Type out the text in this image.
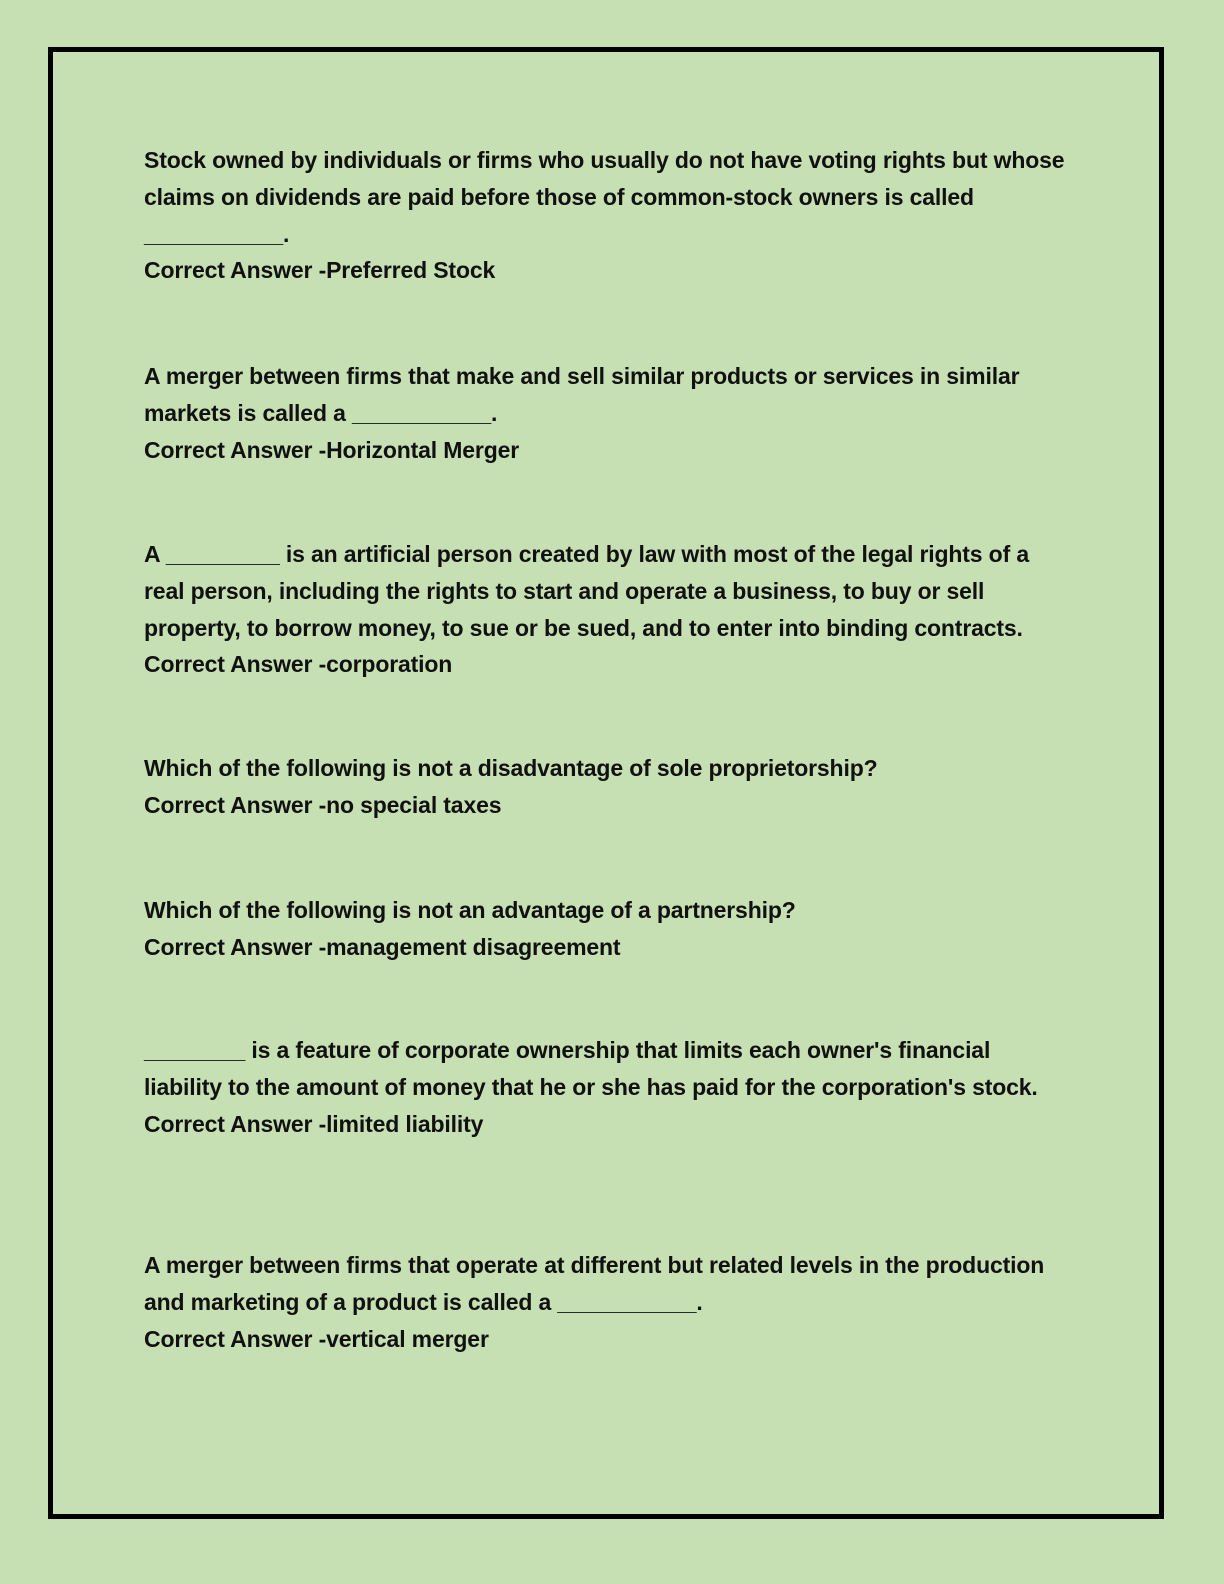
Stock owned by individuals or firms who usually do not have voting rights but whose claims on dividends are paid before those of common-stock owners is called ___________.
Correct Answer -Preferred Stock
A merger between firms that make and sell similar products or services in similar markets is called a ___________.
Correct Answer -Horizontal Merger
A _________ is an artificial person created by law with most of the legal rights of a real person, including the rights to start and operate a business, to buy or sell property, to borrow money, to sue or be sued, and to enter into binding contracts.
Correct Answer -corporation
Which of the following is not a disadvantage of sole proprietorship?
Correct Answer -no special taxes
Which of the following is not an advantage of a partnership?
Correct Answer -management disagreement
________ is a feature of corporate ownership that limits each owner's financial liability to the amount of money that he or she has paid for the corporation's stock.
Correct Answer -limited liability
A merger between firms that operate at different but related levels in the production and marketing of a product is called a ___________.
Correct Answer -vertical merger
